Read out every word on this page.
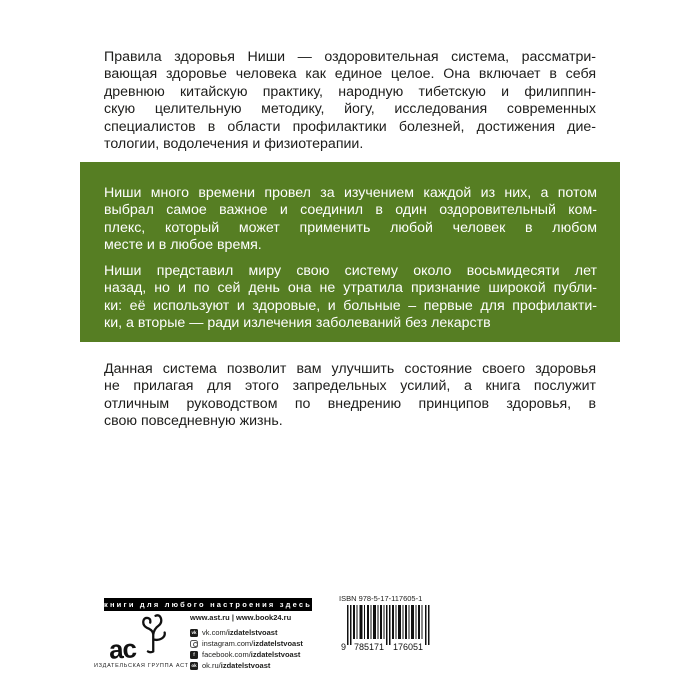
Правила здоровья Ниши — оздоровительная система, рассматри-
вающая здоровье человека как единое целое. Она включает в себя
древнюю китайскую практику, народную тибетскую и филиппин-
скую целительную методику, йогу, исследования современных
специалистов в области профилактики болезней, достижения дие-
тологии, водолечения и физиотерапии.
Ниши много времени провел за изучением каждой из них, а потом
выбрал самое важное и соединил в один оздоровительный ком-
плекс, который может применить любой человек в любом
месте и в любое время.
Ниши представил миру свою систему около восьмидесяти лет
назад, но и по сей день она не утратила признание широкой публи-
ки: её используют и здоровые, и больные – первые для профилакти-
ки, а вторые — ради излечения заболеваний без лекарств
Данная система позволит вам улучшить состояние своего здоровья
не прилагая для этого запредельных усилий, а книга послужит
отличным руководством по внедрению принципов здоровья, в
свою повседневную жизнь.
книги для любого настроения здесь
ас
ИЗДАТЕЛЬСКАЯ ГРУППА АСТ
www.ast.ru | www.book24.ru
vk vk.com/izdatelstvoast
instagram.com/izdatelstvoast
f facebook.com/izdatelstvoast
ok ok.ru/izdatelstvoast
ISBN 978-5-17-117605-1
9 785171 176051
